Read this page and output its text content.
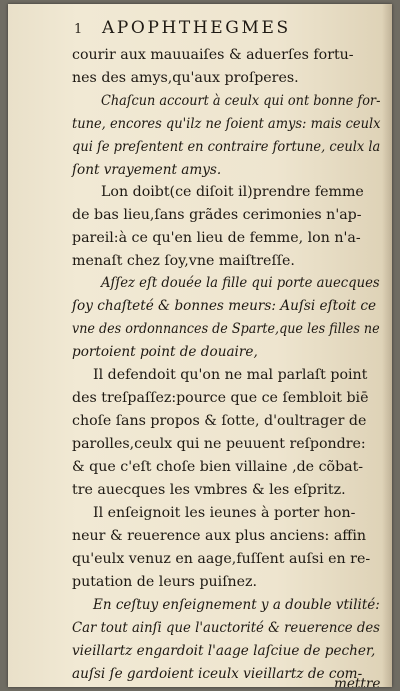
1 APOPHTHEGMES
courir aux mauuaiſes & aduerſes fortu-
nes des amys,qu'aux proſperes.
Chaſcun accourt à ceulx qui ont bonne for-
tune, encores qu'ilz ne ſoient amys: mais ceulx
qui ſe preſentent en contraire fortune, ceulx la
ſont vrayement amys.
Lon doibt(ce diſoit il)prendre femme
de bas lieu,ſans grãdes cerimonies n'ap-
pareil:à ce qu'en lieu de femme, lon n'a-
menaſt chez ſoy,vne maiſtreſſe.
Aſſez eſt douée la fille qui porte auecques
ſoy chaſteté & bonnes meurs: Auſsi eſtoit ce
vne des ordonnances de Sparte,que les filles ne
portoient point de douaire,
Il defendoit qu'on ne mal parlaſt point
des treſpaſſez:pource que ce ſembloit biē
choſe ſans propos & ſotte, d'oultrager de
parolles,ceulx qui ne peuuent reſpondre:
& que c'eſt choſe bien villaine ,de cõbat-
tre auecques les vmbres & les eſpritz.
Il enſeignoit les ieunes à porter hon-
neur & reuerence aux plus anciens: affin
qu'eulx venuz en aage,fuſſent auſsi en re-
putation de leurs puiſnez.
En ceſtuy enſeignement y a double vtilité:
Car tout ainſi que l'auctorité & reuerence des
vieillartz engardoit l'aage laſciue de pecher,
auſsi ſe gardoient iceulx vieillartz de com-
mettre
